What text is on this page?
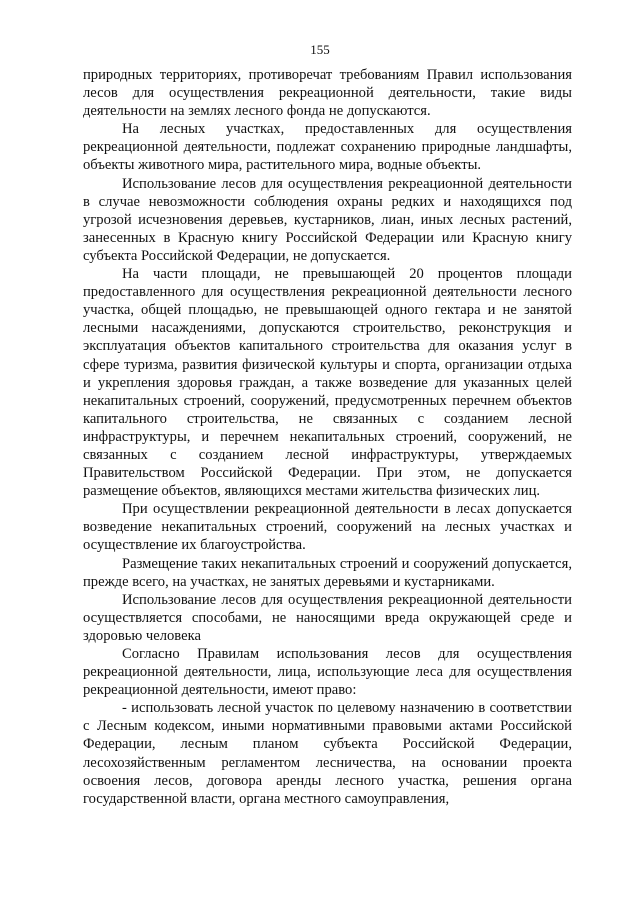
155

природных территориях, противоречат требованиям Правил использования лесов для осуществления рекреационной деятельности, такие виды деятельности на землях лесного фонда не допускаются.

На лесных участках, предоставленных для осуществления рекреационной деятельности, подлежат сохранению природные ландшафты, объекты животного мира, растительного мира, водные объекты.

Использование лесов для осуществления рекреационной деятельности в случае невозможности соблюдения охраны редких и находящихся под угрозой исчезновения деревьев, кустарников, лиан, иных лесных растений, занесенных в Красную книгу Российской Федерации или Красную книгу субъекта Российской Федерации, не допускается.

На части площади, не превышающей 20 процентов площади предоставленного для осуществления рекреационной деятельности лесного участка, общей площадью, не превышающей одного гектара и не занятой лесными насаждениями, допускаются строительство, реконструкция и эксплуатация объектов капитального строительства для оказания услуг в сфере туризма, развития физической культуры и спорта, организации отдыха и укрепления здоровья граждан, а также возведение для указанных целей некапитальных строений, сооружений, предусмотренных перечнем объектов капитального строительства, не связанных с созданием лесной инфраструктуры, и перечнем некапитальных строений, сооружений, не связанных с созданием лесной инфраструктуры, утверждаемых Правительством Российской Федерации. При этом, не допускается размещение объектов, являющихся местами жительства физических лиц.

При осуществлении рекреационной деятельности в лесах допускается возведение некапитальных строений, сооружений на лесных участках и осуществление их благоустройства.

Размещение таких некапитальных строений и сооружений допускается, прежде всего, на участках, не занятых деревьями и кустарниками.

Использование лесов для осуществления рекреационной деятельности осуществляется способами, не наносящими вреда окружающей среде и здоровью человека

Согласно Правилам использования лесов для осуществления рекреационной деятельности, лица, использующие леса для осуществления рекреационной деятельности, имеют право:

- использовать лесной участок по целевому назначению в соответствии с Лесным кодексом, иными нормативными правовыми актами Российской Федерации, лесным планом субъекта Российской Федерации, лесохозяйственным регламентом лесничества, на основании проекта освоения лесов, договора аренды лесного участка, решения органа государственной власти, органа местного самоуправления,
